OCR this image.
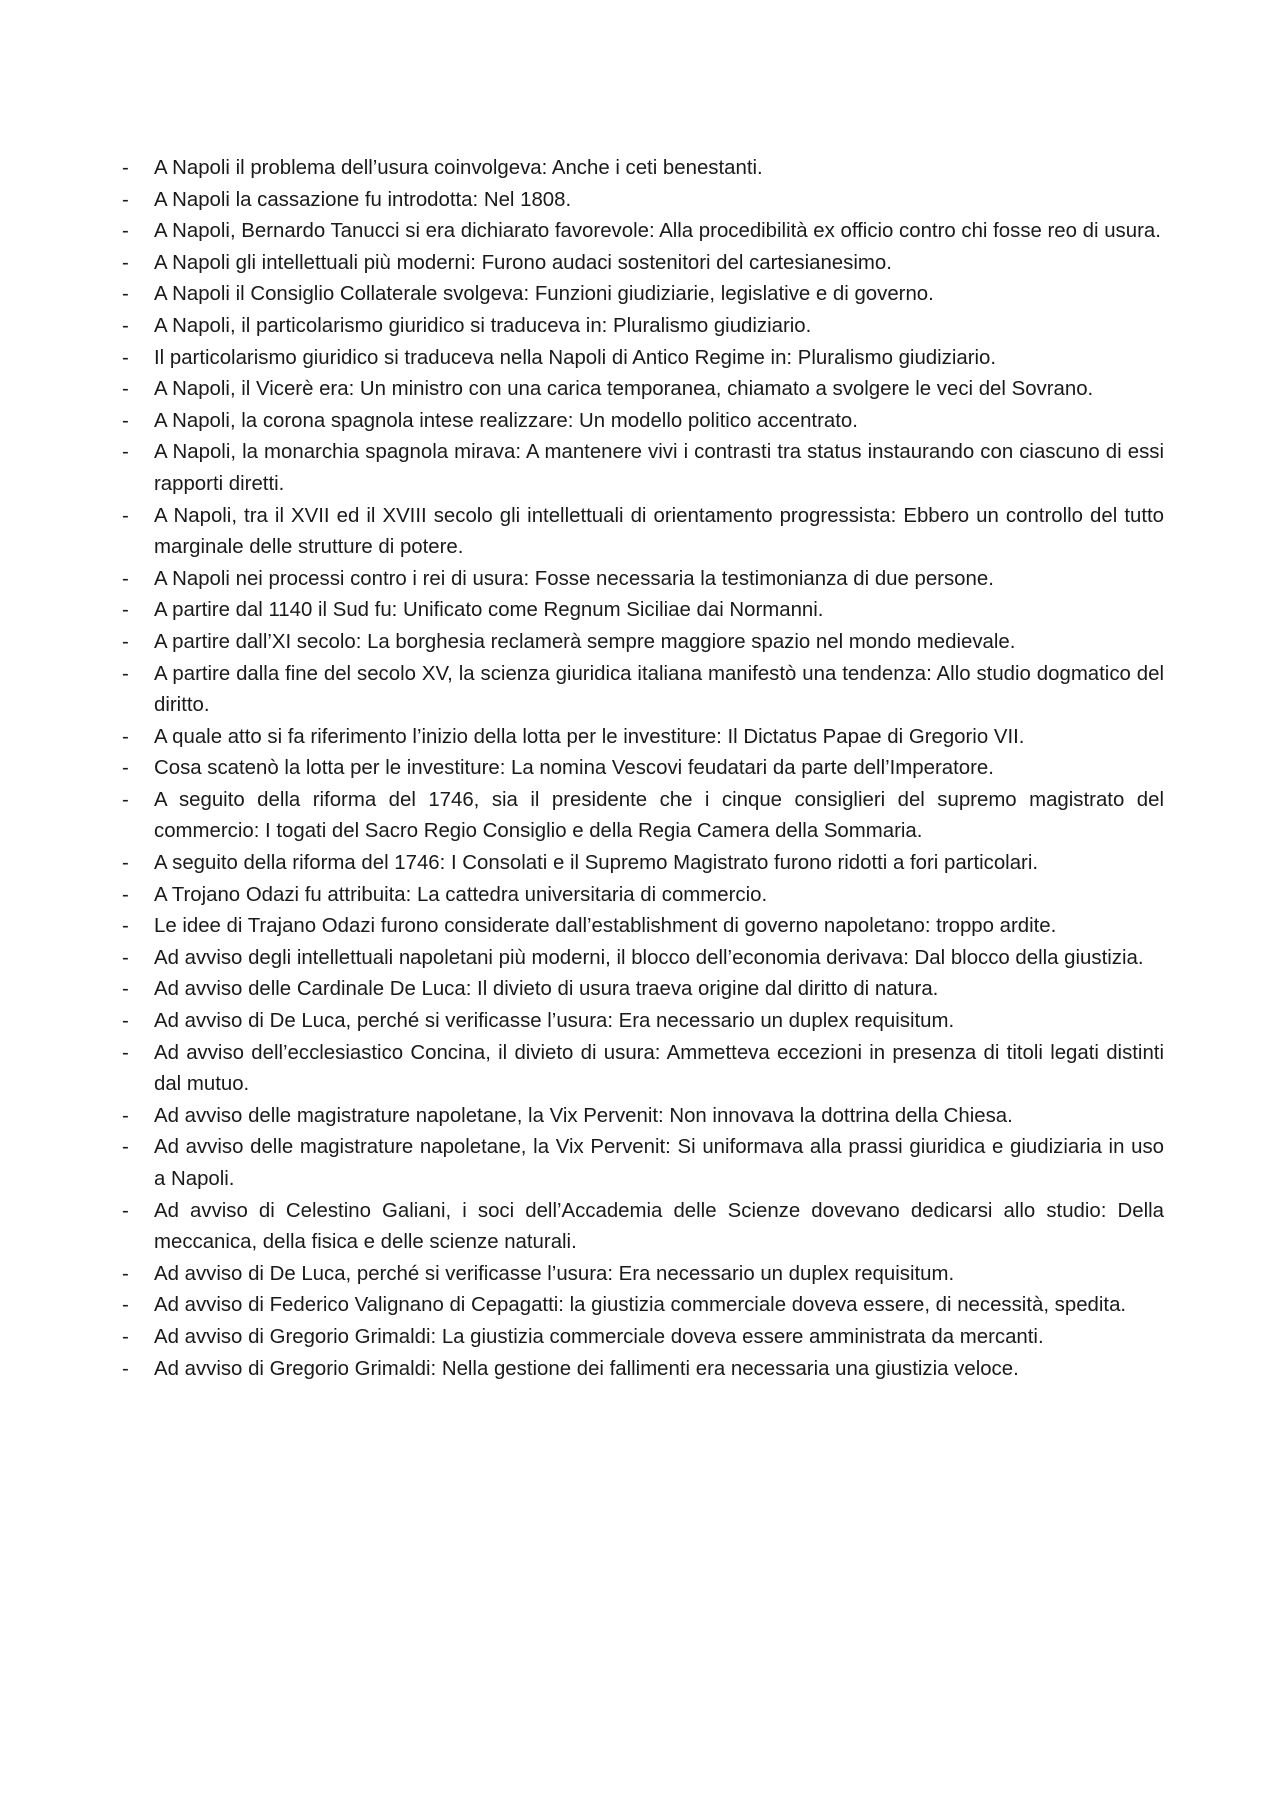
- A Napoli il problema dell’usura coinvolgeva: Anche i ceti benestanti.
- A Napoli la cassazione fu introdotta: Nel 1808.
- A Napoli, Bernardo Tanucci si era dichiarato favorevole: Alla procedibilità ex officio contro chi fosse reo di usura.
- A Napoli gli intellettuali più moderni: Furono audaci sostenitori del cartesianesimo.
- A Napoli il Consiglio Collaterale svolgeva: Funzioni giudiziarie, legislative e di governo.
- A Napoli, il particolarismo giuridico si traduceva in: Pluralismo giudiziario.
- Il particolarismo giuridico si traduceva nella Napoli di Antico Regime in: Pluralismo giudiziario.
- A Napoli, il Vicerè era: Un ministro con una carica temporanea, chiamato a svolgere le veci del Sovrano.
- A Napoli, la corona spagnola intese realizzare: Un modello politico accentrato.
- A Napoli, la monarchia spagnola mirava: A mantenere vivi i contrasti tra status instaurando con ciascuno di essi rapporti diretti.
- A Napoli, tra il XVII ed il XVIII secolo gli intellettuali di orientamento progressista: Ebbero un controllo del tutto marginale delle strutture di potere.
- A Napoli nei processi contro i rei di usura: Fosse necessaria la testimonianza di due persone.
- A partire dal 1140 il Sud fu: Unificato come Regnum Siciliae dai Normanni.
- A partire dall’XI secolo: La borghesia reclamerà sempre maggiore spazio nel mondo medievale.
- A partire dalla fine del secolo XV, la scienza giuridica italiana manifestò una tendenza: Allo studio dogmatico del diritto.
- A quale atto si fa riferimento l’inizio della lotta per le investiture: Il Dictatus Papae di Gregorio VII.
- Cosa scatenò la lotta per le investiture: La nomina Vescovi feudatari da parte dell’Imperatore.
- A seguito della riforma del 1746, sia il presidente che i cinque consiglieri del supremo magistrato del commercio: I togati del Sacro Regio Consiglio e della Regia Camera della Sommaria.
- A seguito della riforma del 1746: I Consolati e il Supremo Magistrato furono ridotti a fori particolari.
- A Trojano Odazi fu attribuita: La cattedra universitaria di commercio.
- Le idee di Trajano Odazi furono considerate dall’establishment di governo napoletano: troppo ardite.
- Ad avviso degli intellettuali napoletani più moderni, il blocco dell’economia derivava: Dal blocco della giustizia.
- Ad avviso delle Cardinale De Luca: Il divieto di usura traeva origine dal diritto di natura.
- Ad avviso di De Luca, perché si verificasse l’usura: Era necessario un duplex requisitum.
- Ad avviso dell’ecclesiastico Concina, il divieto di usura: Ammetteva eccezioni in presenza di titoli legati distinti dal mutuo.
- Ad avviso delle magistrature napoletane, la Vix Pervenit: Non innovava la dottrina della Chiesa.
- Ad avviso delle magistrature napoletane, la Vix Pervenit: Si uniformava alla prassi giuridica e giudiziaria in uso a Napoli.
- Ad avviso di Celestino Galiani, i soci dell’Accademia delle Scienze dovevano dedicarsi allo studio: Della meccanica, della fisica e delle scienze naturali.
- Ad avviso di De Luca, perché si verificasse l’usura: Era necessario un duplex requisitum.
- Ad avviso di Federico Valignano di Cepagatti: la giustizia commerciale doveva essere, di necessità, spedita.
- Ad avviso di Gregorio Grimaldi: La giustizia commerciale doveva essere amministrata da mercanti.
- Ad avviso di Gregorio Grimaldi: Nella gestione dei fallimenti era necessaria una giustizia veloce.
